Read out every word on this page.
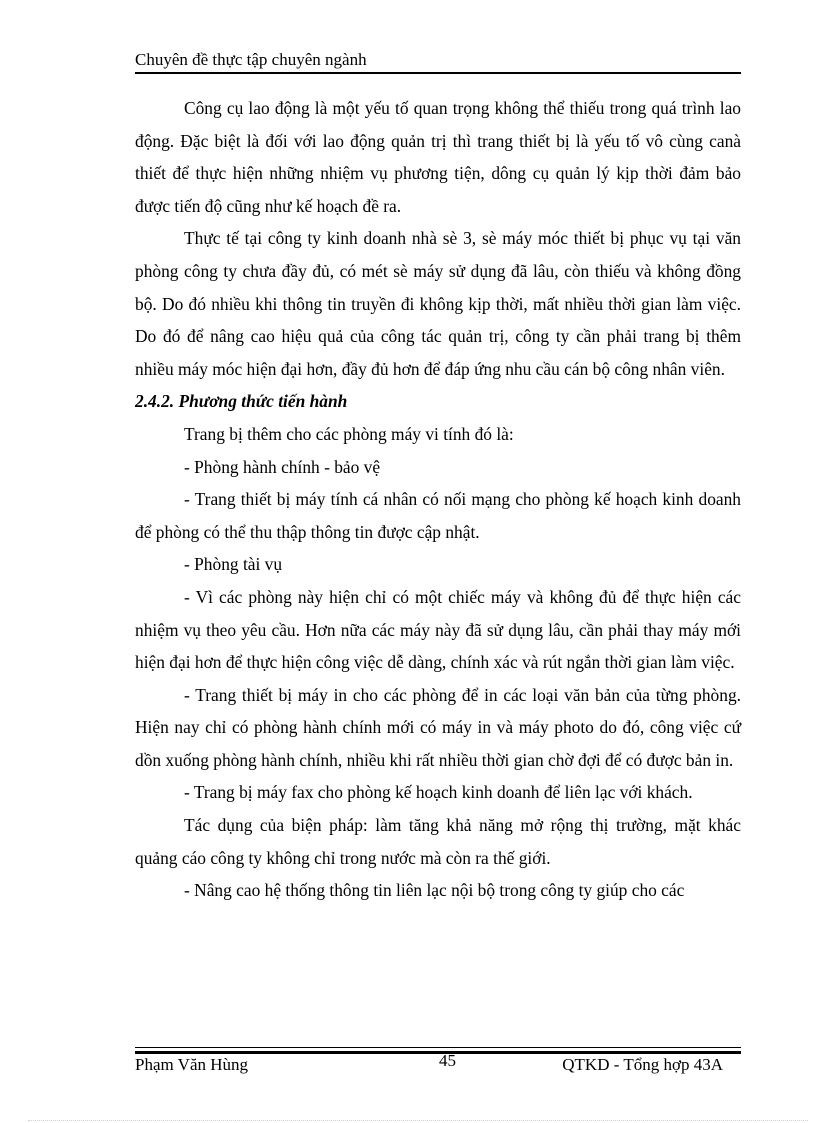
Chuyên đề thực tập chuyên ngành

Công cụ lao động là một yếu tố quan trọng không thể thiếu trong quá trình lao động. Đặc biệt là đối với lao động quản trị thì trang thiết bị là yếu tố vô cùng canà thiết để thực hiện những nhiệm vụ phương tiện, dông cụ quản lý kịp thời đảm bảo được tiến độ cũng như kế hoạch đề ra.

Thực tế tại công ty kinh doanh nhà sè 3, sè máy móc thiết bị phục vụ tại văn phòng công ty chưa đầy đủ, có mét sè máy sử dụng đã lâu, còn thiếu và không đồng bộ. Do đó nhiều khi thông tin truyền đi không kịp thời, mất nhiều thời gian làm việc. Do đó để nâng cao hiệu quả của công tác quản trị, công ty cần phải trang bị thêm nhiều máy móc hiện đại hơn, đầy đủ hơn để đáp ứng nhu cầu cán bộ công nhân viên.

2.4.2. Phương thức tiến hành

Trang bị thêm cho các phòng máy vi tính đó là:

- Phòng hành chính - bảo vệ

- Trang thiết bị máy tính cá nhân có nối mạng cho phòng kế hoạch kinh doanh để phòng có thể thu thập thông tin được cập nhật.

- Phòng tài vụ

- Vì các phòng này hiện chỉ có một chiếc máy và không đủ để thực hiện các nhiệm vụ theo yêu cầu. Hơn nữa các máy này đã sử dụng lâu, cần phải thay máy mới hiện đại hơn để thực hiện công việc dễ dàng, chính xác và rút ngắn thời gian làm việc.

- Trang thiết bị máy in cho các phòng để in các loại văn bản của từng phòng. Hiện nay chỉ có phòng hành chính mới có máy in và máy photo do đó, công việc cứ dồn xuống phòng hành chính, nhiều khi rất nhiều thời gian chờ đợi để có được bản in.

- Trang bị máy fax cho phòng kế hoạch kinh doanh để liên lạc với khách.

Tác dụng của biện pháp: làm tăng khả năng mở rộng thị trường, mặt khác quảng cáo công ty không chỉ trong nước mà còn ra thế giới.

- Nâng cao hệ thống thông tin liên lạc nội bộ trong công ty giúp cho các

Phạm Văn Hùng	45	QTKD - Tổng hợp 43A
